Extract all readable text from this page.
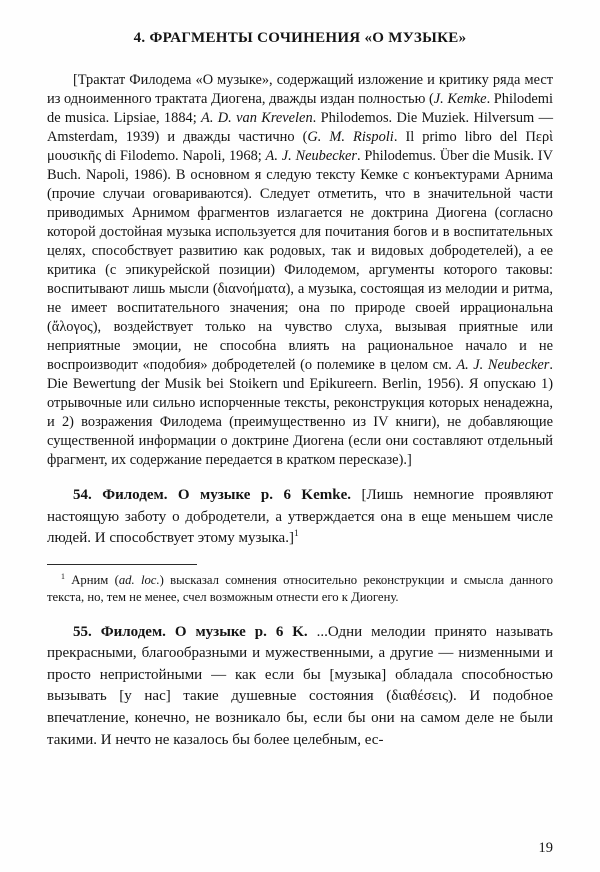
4. ФРАГМЕНТЫ СОЧИНЕНИЯ «О МУЗЫКЕ»

[Трактат Филодема «О музыке», содержащий изложение и критику ряда мест из одноименного трактата Диогена, дважды издан полностью (J. Kemke. Philodemi de musica. Lipsiae, 1884; A. D. van Krevelen. Philodemos. Die Muziek. Hilversum — Amsterdam, 1939) и дважды частично (G. M. Rispoli. Il primo libro del Περὶ μουσικῆς di Filodemo. Napoli, 1968; A. J. Neubecker. Philodemus. Über die Musik. IV Buch. Napoli, 1986). В основном я следую тексту Кемке с конъектурами Арнима (прочие случаи оговариваются). Следует отметить, что в значительной части приводимых Арнимом фрагментов излагается не доктрина Диогена (согласно которой достойная музыка используется для почитания богов и в воспитательных целях, способствует развитию как родовых, так и видовых добродетелей), а ее критика (с эпикурейской позиции) Филодемом, аргументы которого таковы: воспитывают лишь мысли (διανοήματα), а музыка, состоящая из мелодии и ритма, не имеет воспитательного значения; она по природе своей иррациональна (ἄλογος), воздействует только на чувство слуха, вызывая приятные или неприятные эмоции, не способна влиять на рациональное начало и не воспроизводит «подобия» добродетелей (о полемике в целом см. A. J. Neubecker. Die Bewertung der Musik bei Stoikern und Epikureern. Berlin, 1956). Я опускаю 1) отрывочные или сильно испорченные тексты, реконструкция которых ненадежна, и 2) возражения Филодема (преимущественно из IV книги), не добавляющие существенной информации о доктрине Диогена (если они составляют отдельный фрагмент, их содержание передается в кратком пересказе).]

54. Филодем. О музыке p. 6 Kemke. [Лишь немногие проявляют настоящую заботу о добродетели, а утверждается она в еще меньшем числе людей. И способствует этому музыка.]$^1$

$^1$ Арним (ad. loc.) высказал сомнения относительно реконструкции и смысла данного текста, но, тем не менее, счел возможным отнести его к Диогену.

55. Филодем. О музыке p. 6 K. ...Одни мелодии принято называть прекрасными, благообразными и мужественными, а другие — низменными и просто непристойными — как если бы [музыка] обладала способностью вызывать [у нас] такие душевные состояния (διαθέσεις). И подобное впечатление, конечно, не возникало бы, если бы они на самом деле не были такими. И нечто не казалось бы более целебным, ес-

19
